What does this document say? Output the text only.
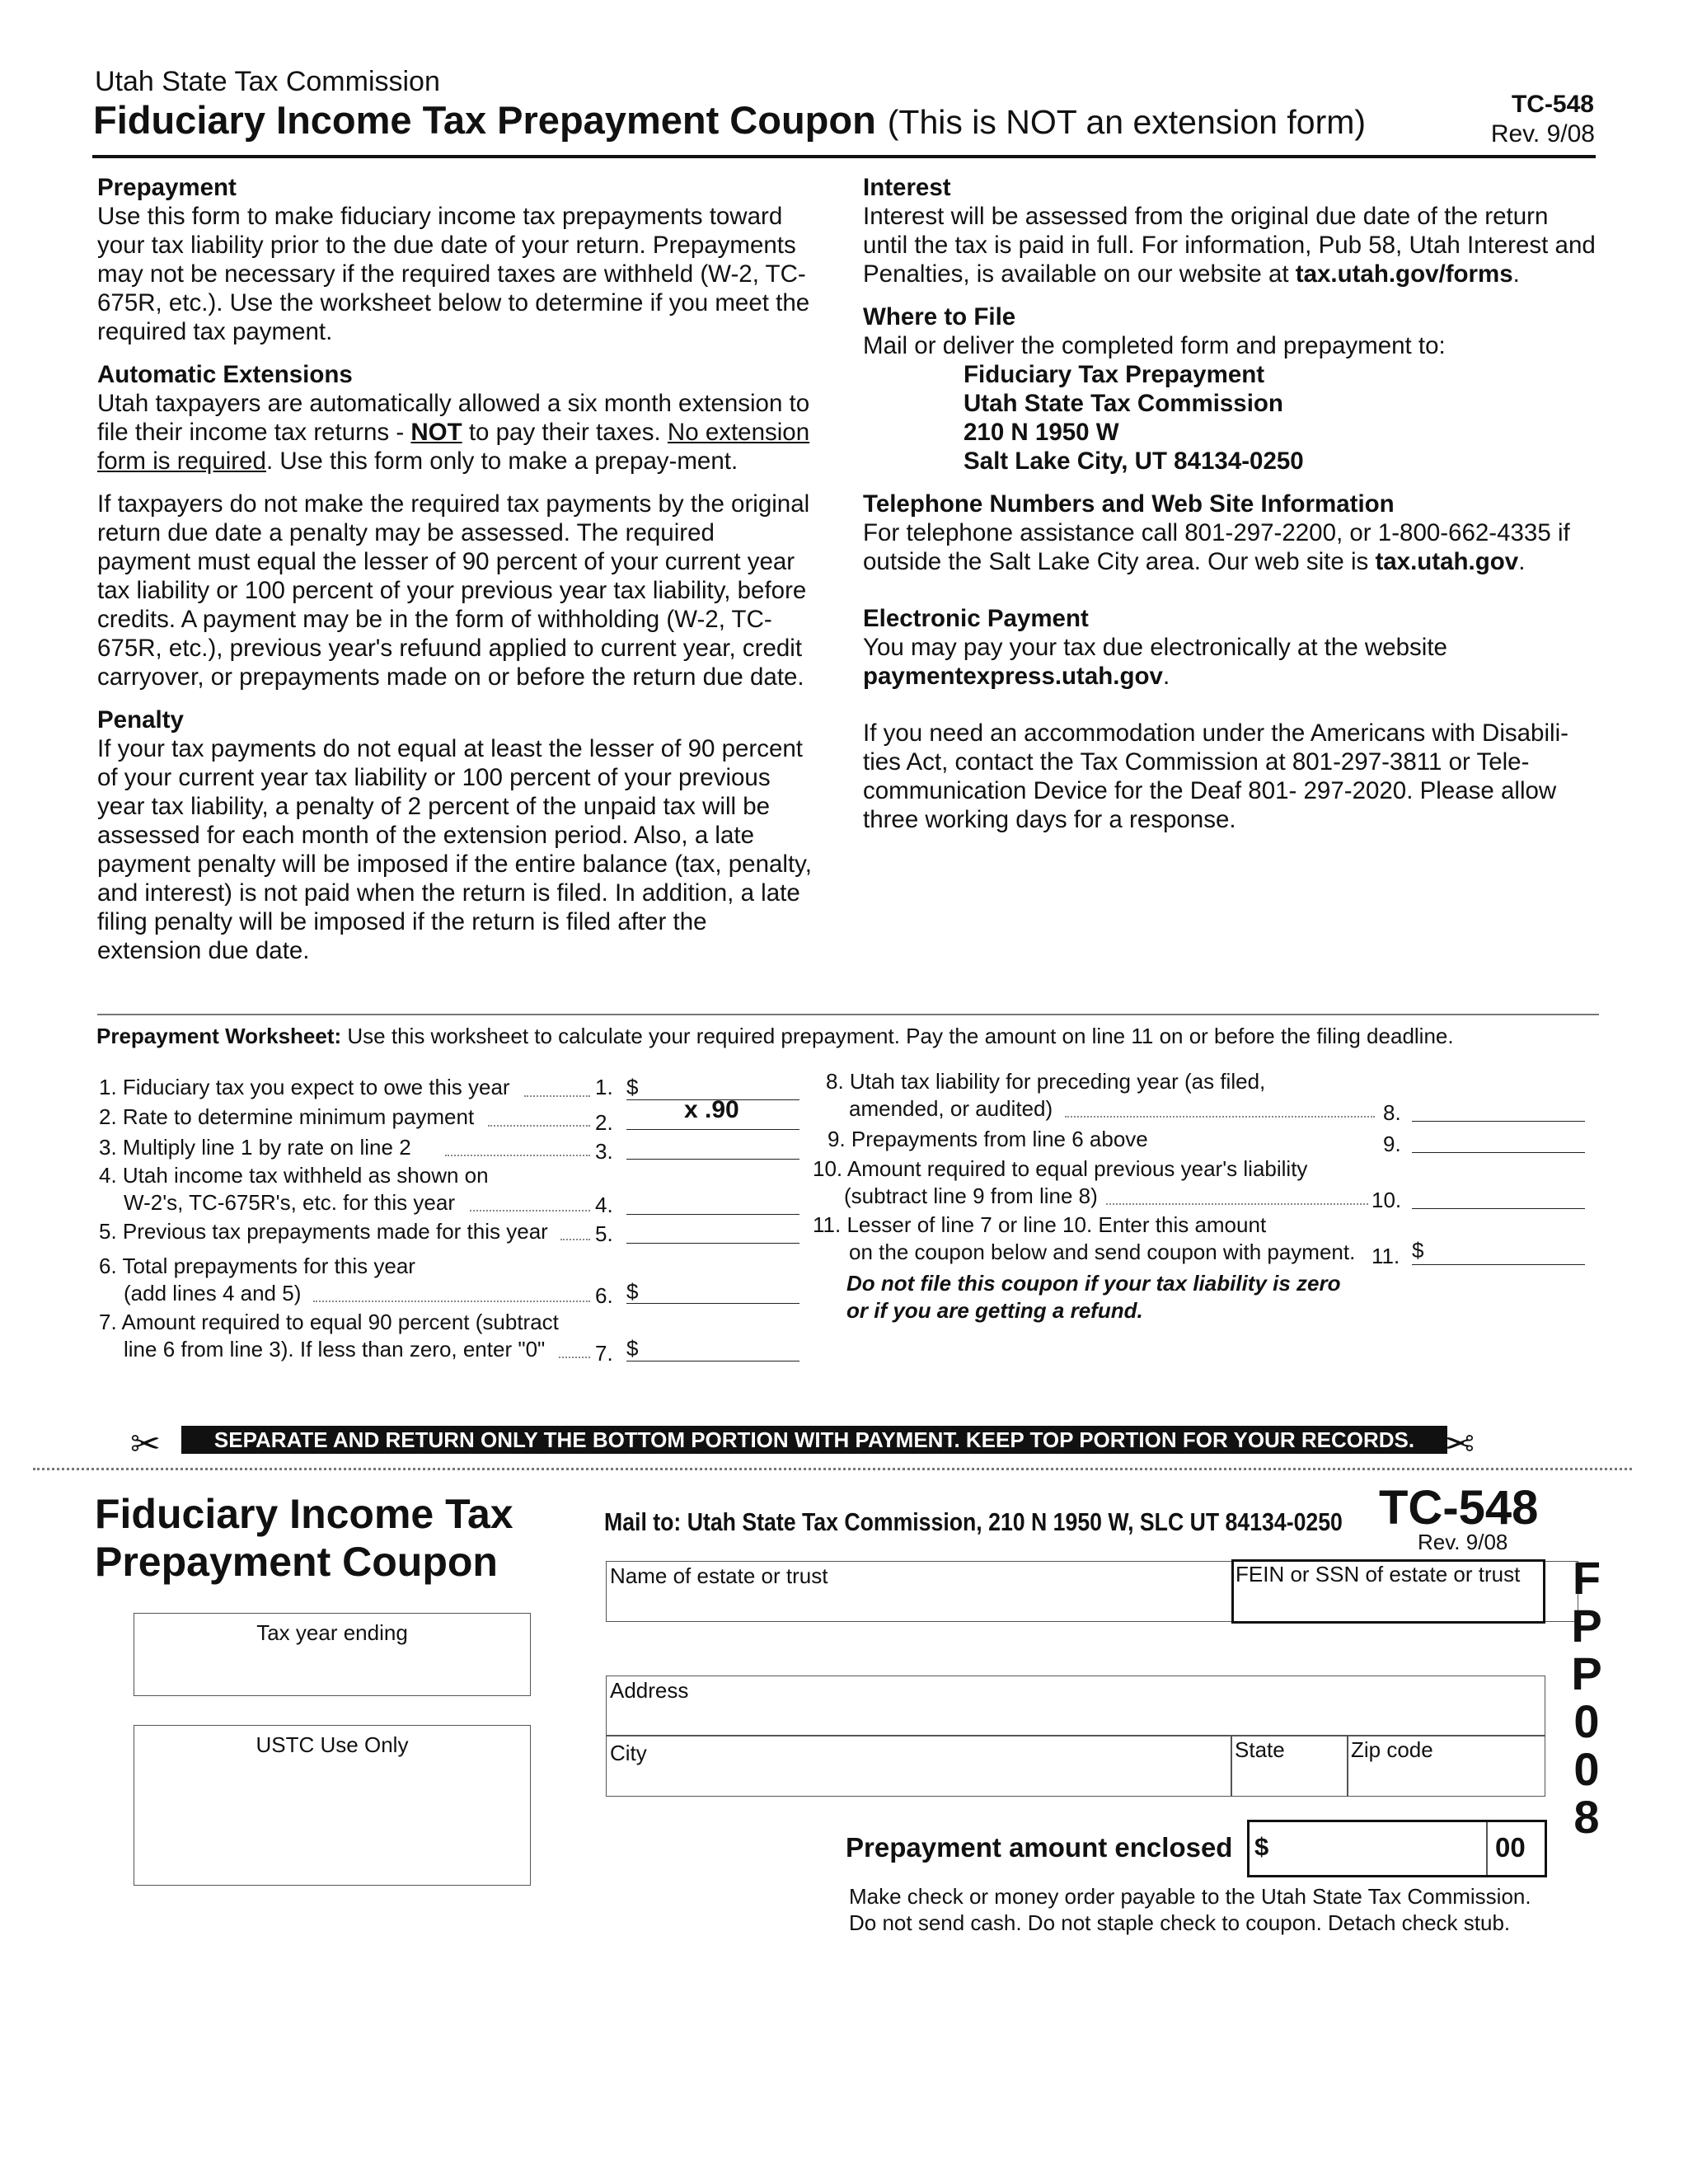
Utah State Tax Commission
Fiduciary Income Tax Prepayment Coupon (This is NOT an extension form)	TC-548
Rev. 9/08
Prepayment
Use this form to make fiduciary income tax prepayments toward your tax liability prior to the due date of your return. Prepayments may not be necessary if the required taxes are withheld (W-2, TC-675R, etc.). Use the worksheet below to determine if you meet the required tax payment.
Automatic Extensions
Utah taxpayers are automatically allowed a six month extension to file their income tax returns - NOT to pay their taxes. No extension form is required. Use this form only to make a prepay-ment.
If taxpayers do not make the required tax payments by the original return due date a penalty may be assessed. The required payment must equal the lesser of 90 percent of your current year tax liability or 100 percent of your previous year tax liability, before credits. A payment may be in the form of withholding (W-2, TC-675R, etc.), previous year's refuund applied to current year, credit carryover, or prepayments made on or before the return due date.
Penalty
If your tax payments do not equal at least the lesser of 90 percent of your current year tax liability or 100 percent of your previous year tax liability, a penalty of 2 percent of the unpaid tax will be assessed for each month of the extension period. Also, a late payment penalty will be imposed if the entire balance (tax, penalty, and interest) is not paid when the return is filed. In addition, a late filing penalty will be imposed if the return is filed after the extension due date.
Interest
Interest will be assessed from the original due date of the return until the tax is paid in full. For information, Pub 58, Utah Interest and Penalties, is available on our website at tax.utah.gov/forms.
Where to File
Mail or deliver the completed form and prepayment to:
Fiduciary Tax Prepayment
Utah State Tax Commission
210 N 1950 W
Salt Lake City, UT 84134-0250
Telephone Numbers and Web Site Information
For telephone assistance call 801-297-2200, or 1-800-662-4335 if outside the Salt Lake City area. Our web site is tax.utah.gov.
Electronic Payment
You may pay your tax due electronically at the website paymentexpress.utah.gov.
If you need an accommodation under the Americans with Disabili-ties Act, contact the Tax Commission at 801-297-3811 or Tele-communication Device for the Deaf 801- 297-2020. Please allow three working days for a response.
Prepayment Worksheet: Use this worksheet to calculate your required prepayment. Pay the amount on line 11 on or before the filing deadline.
1. Fiduciary tax you expect to owe this year	1. $
2. Rate to determine minimum payment	2.	x .90
3. Multiply line 1 by rate on line 2	3.
4. Utah income tax withheld as shown on
W-2's, TC-675R's, etc. for this year	4.
5. Previous tax prepayments made for this year 5.
6. Total prepayments for this year
(add lines 4 and 5)	6. $
7. Amount required to equal 90 percent (subtract
line 6 from line 3). If less than zero, enter "0" 7. $
8. Utah tax liability for preceding year (as filed,
amended, or audited)	8.
9. Prepayments from line 6 above	9.
10. Amount required to equal previous year's liability
(subtract line 9 from line 8)	10.
11. Lesser of line 7 or line 10. Enter this amount
on the coupon below and send coupon with payment. 11. $
Do not file this coupon if your tax liability is zero
or if you are getting a refund.
✂	SEPARATE AND RETURN ONLY THE BOTTOM PORTION WITH PAYMENT. KEEP TOP PORTION FOR YOUR RECORDS. ✂
Fiduciary Income Tax
Prepayment Coupon
Mail to: Utah State Tax Commission, 210 N 1950 W, SLC UT 84134-0250 TC-548
Rev. 9/08
Tax year ending
USTC Use Only
Name of estate or trust	FEIN or SSN of estate or trust
Address
City	State	Zip code
F
P
P
0
0
8
Prepayment amount enclosed $	00
Make check or money order payable to the Utah State Tax Commission.
Do not send cash. Do not staple check to coupon. Detach check stub.
